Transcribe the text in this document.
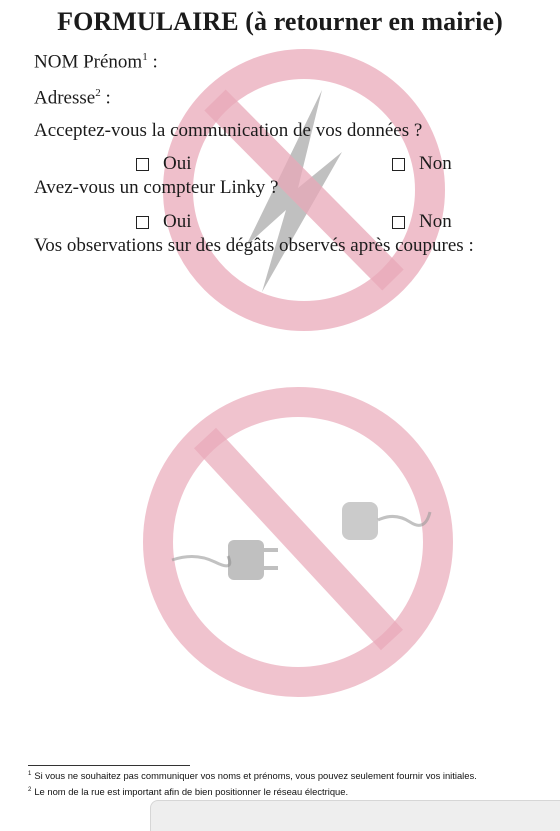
FORMULAIRE (à retourner en mairie)
NOM Prénom$^1$ :
Adresse$^2$ :
Acceptez-vous la communication de vos données ?
Oui	Non
Avez-vous un compteur Linky ?
Oui	Non
Vos observations sur des dégâts observés après coupures :
$^1$ Si vous ne souhaitez pas communiquer vos noms et prénoms, vous pouvez seulement fournir vos initiales.
$^2$ Le nom de la rue est important afin de bien positionner le réseau électrique.
